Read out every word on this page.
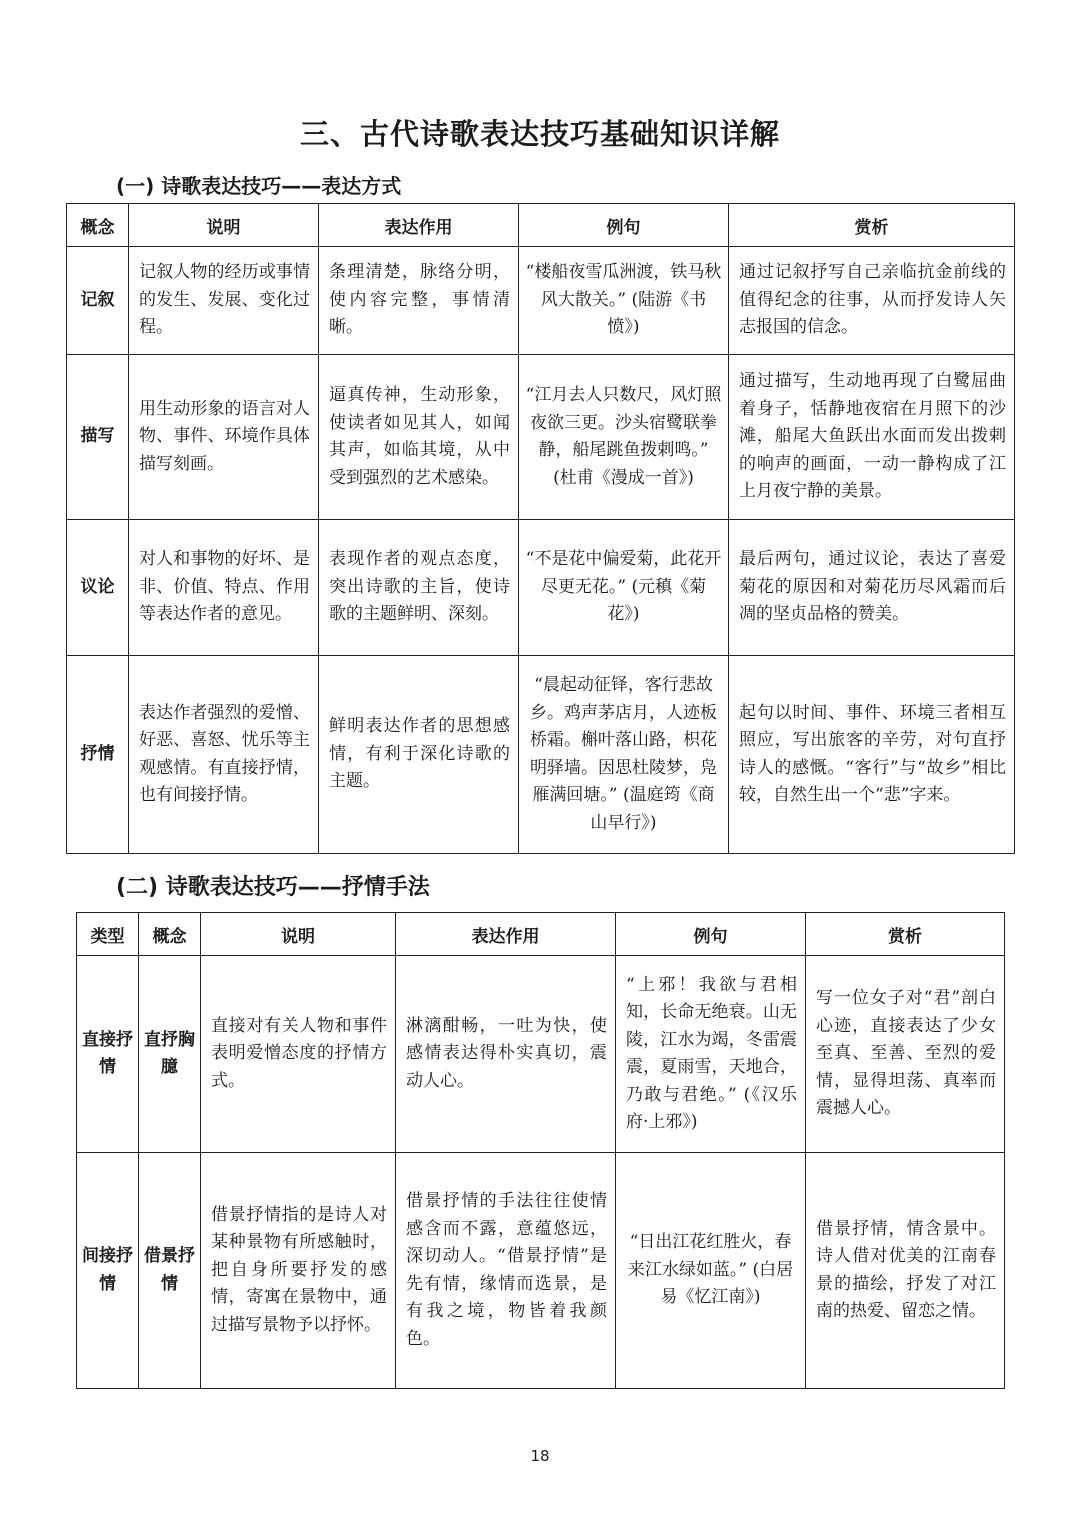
三、古代诗歌表达技巧基础知识详解
(一) 诗歌表达技巧——表达方式
概念	说明	表达作用	例句	赏析
记叙	记叙人物的经历或事情的发生、发展、变化过程。	条理清楚，脉络分明，使内容完整，事情清晰。	“楼船夜雪瓜洲渡，铁马秋风大散关。” (陆游《书愤》)	通过记叙抒写自己亲临抗金前线的值得纪念的往事，从而抒发诗人矢志报国的信念。
描写	用生动形象的语言对人物、事件、环境作具体描写刻画。	逼真传神，生动形象，使读者如见其人，如闻其声，如临其境，从中受到强烈的艺术感染。	“江月去人只数尺，风灯照夜欲三更。沙头宿鹭联拳静，船尾跳鱼拨剌鸣。” (杜甫《漫成一首》)	通过描写，生动地再现了白鹭屈曲着身子，恬静地夜宿在月照下的沙滩，船尾大鱼跃出水面而发出拨剌的响声的画面，一动一静构成了江上月夜宁静的美景。
议论	对人和事物的好坏、是非、价值、特点、作用等表达作者的意见。	表现作者的观点态度，突出诗歌的主旨，使诗歌的主题鲜明、深刻。	“不是花中偏爱菊，此花开尽更无花。” (元稹《菊花》)	最后两句，通过议论，表达了喜爱菊花的原因和对菊花历尽风霜而后凋的坚贞品格的赞美。
抒情	表达作者强烈的爱憎、好恶、喜怒、忧乐等主观感情。有直接抒情，也有间接抒情。	鲜明表达作者的思想感情，有利于深化诗歌的主题。	“晨起动征铎，客行悲故乡。鸡声茅店月，人迹板桥霜。槲叶落山路，枳花明驿墙。因思杜陵梦，凫雁满回塘。” (温庭筠《商山早行》)	起句以时间、事件、环境三者相互照应，写出旅客的辛劳，对句直抒诗人的感慨。“客行”与“故乡”相比较，自然生出一个“悲”字来。
(二) 诗歌表达技巧——抒情手法
类型	概念	说明	表达作用	例句	赏析
直接抒情	直抒胸臆	直接对有关人物和事件表明爱憎态度的抒情方式。	淋漓酣畅，一吐为快，使感情表达得朴实真切，震动人心。	“上邪！我欲与君相知，长命无绝衰。山无陵，江水为竭，冬雷震震，夏雨雪，天地合，乃敢与君绝。” (《汉乐府·上邪》)	写一位女子对“君”剖白心迹，直接表达了少女至真、至善、至烈的爱情，显得坦荡、真率而震撼人心。
间接抒情	借景抒情	借景抒情指的是诗人对某种景物有所感触时，把自身所要抒发的感情，寄寓在景物中，通过描写景物予以抒怀。	借景抒情的手法往往使情感含而不露，意蕴悠远，深切动人。“借景抒情”是先有情，缘情而选景，是有我之境，物皆着我颜色。	“日出江花红胜火，春来江水绿如蓝。” (白居易《忆江南》)	借景抒情，情含景中。诗人借对优美的江南春景的描绘，抒发了对江南的热爱、留恋之情。
18
